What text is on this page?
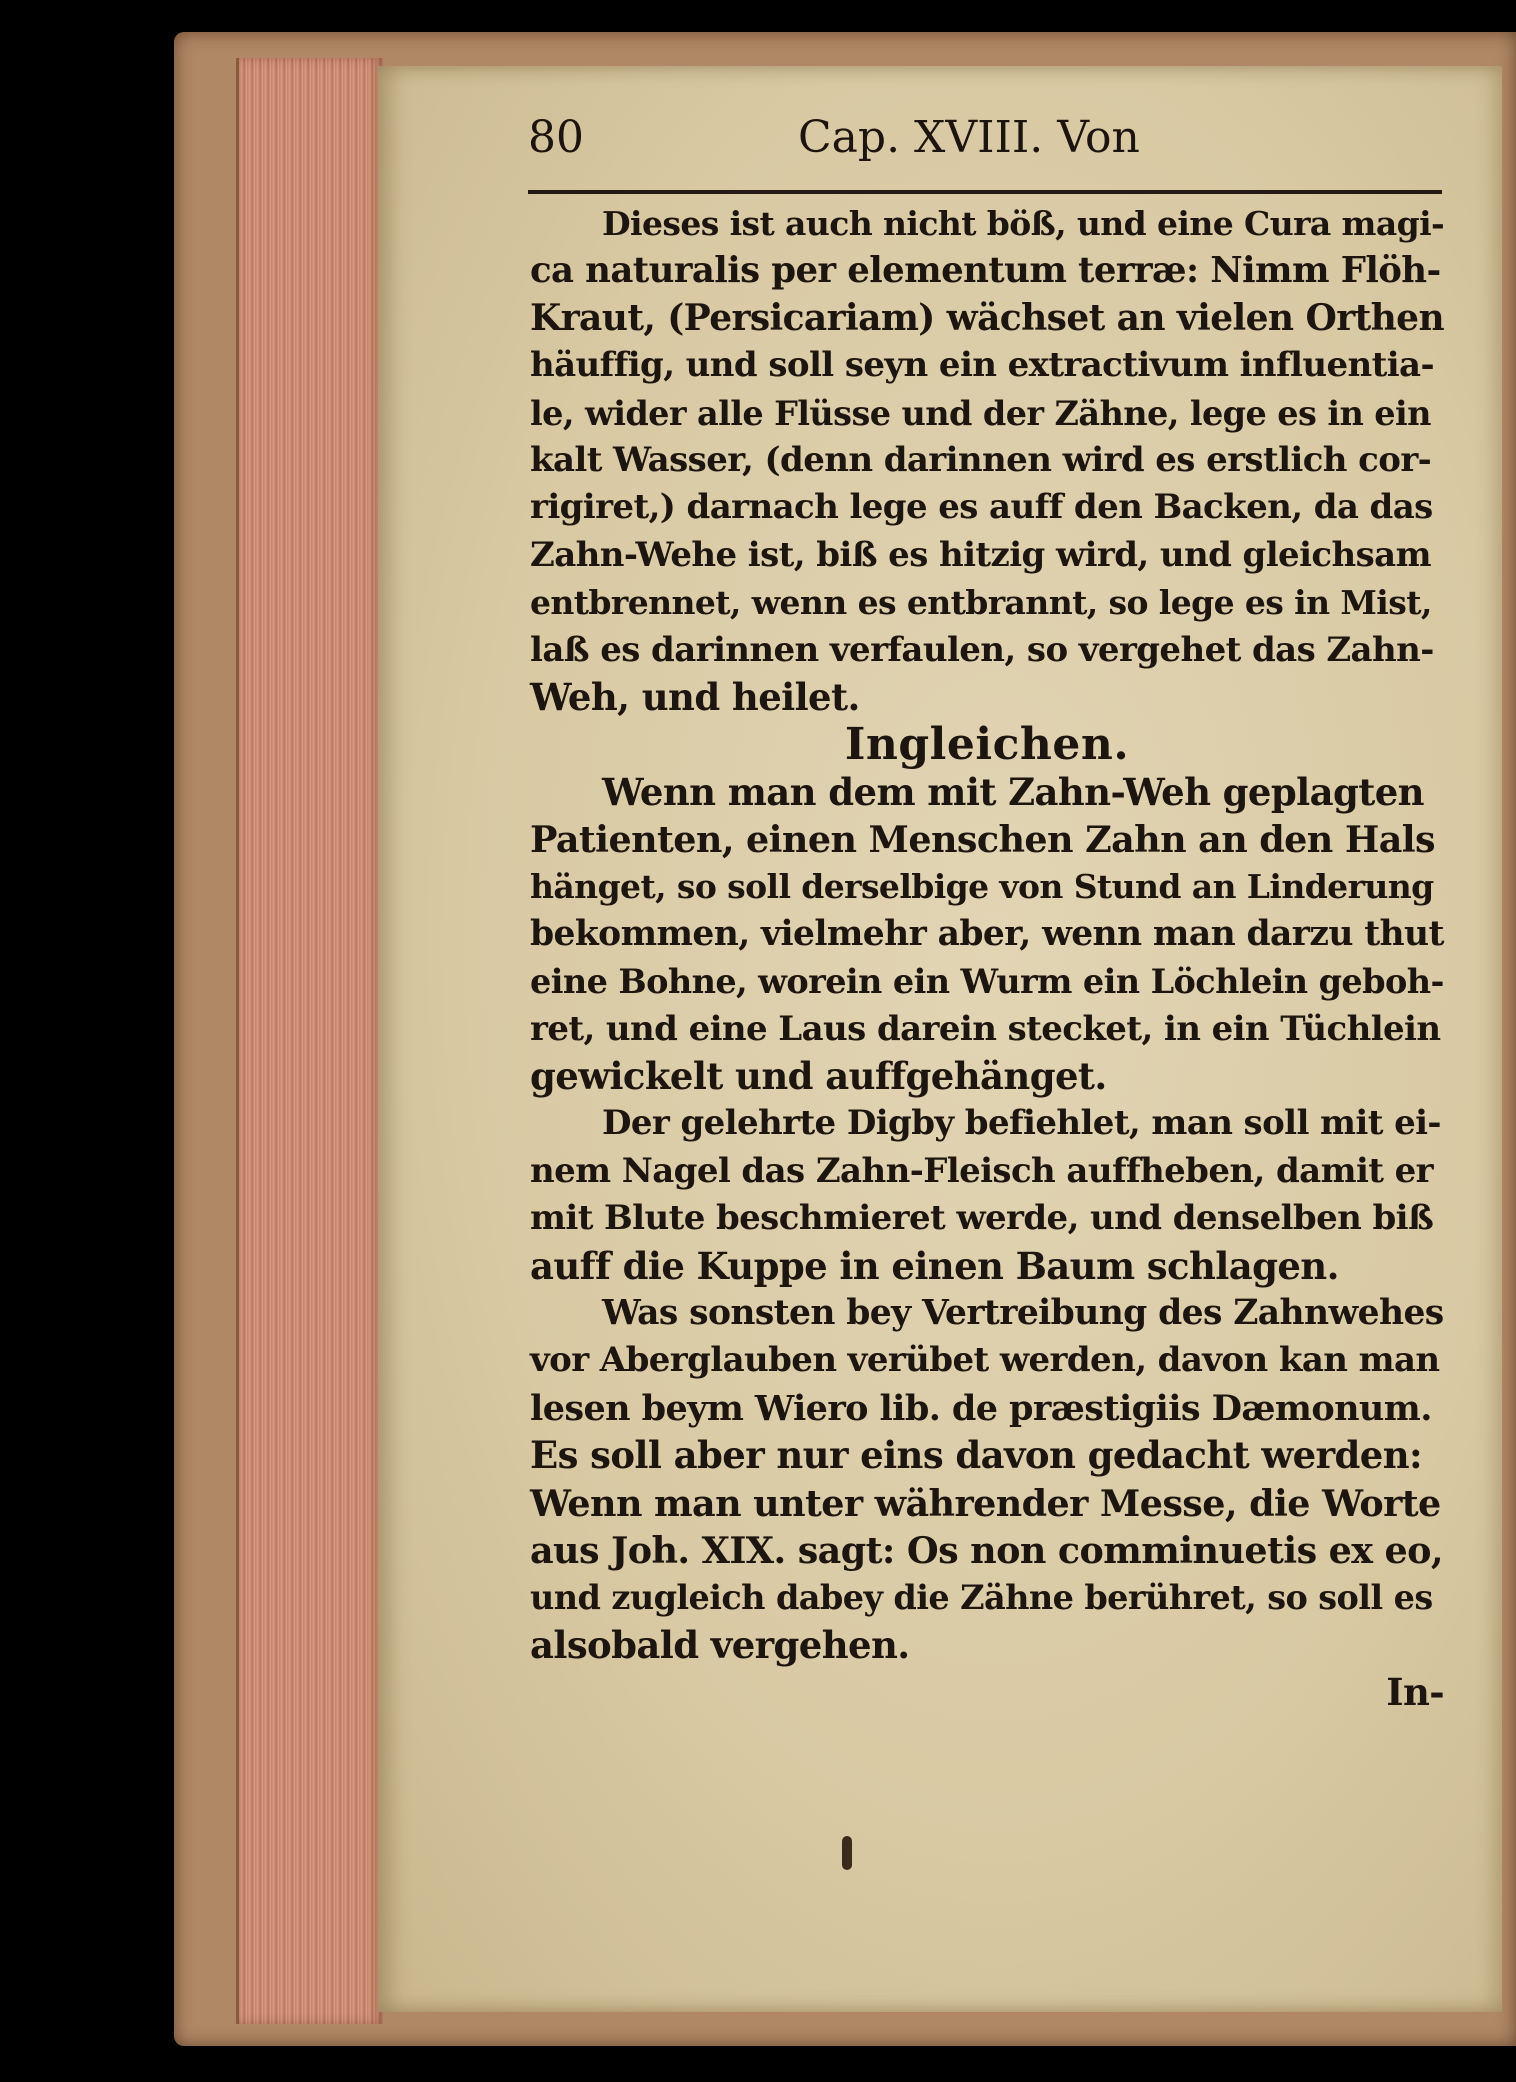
80	Cap. XVIII. Von
Dieses ist auch nicht böß, und eine Cura magi-
ca naturalis per elementum terræ: Nimm Flöh-
Kraut, (Persicariam) wächset an vielen Orthen
häuffig, und soll seyn ein extractivum influentia-
le, wider alle Flüsse und der Zähne, lege es in ein
kalt Wasser, (denn darinnen wird es erstlich cor-
rigiret,) darnach lege es auff den Backen, da das
Zahn-Wehe ist, biß es hitzig wird, und gleichsam
entbrennet, wenn es entbrannt, so lege es in Mist,
laß es darinnen verfaulen, so vergehet das Zahn-
Weh, und heilet.
Ingleichen.
Wenn man dem mit Zahn-Weh geplagten
Patienten, einen Menschen Zahn an den Hals
hänget, so soll derselbige von Stund an Linderung
bekommen, vielmehr aber, wenn man darzu thut
eine Bohne, worein ein Wurm ein Löchlein geboh-
ret, und eine Laus darein stecket, in ein Tüchlein
gewickelt und auffgehänget.
Der gelehrte Digby befiehlet, man soll mit ei-
nem Nagel das Zahn-Fleisch auffheben, damit er
mit Blute beschmieret werde, und denselben biß
auff die Kuppe in einen Baum schlagen.
Was sonsten bey Vertreibung des Zahnwehes
vor Aberglauben verübet werden, davon kan man
lesen beym Wiero lib. de præstigiis Dæmonum.
Es soll aber nur eins davon gedacht werden:
Wenn man unter währender Messe, die Worte
aus Joh. XIX. sagt: Os non comminuetis ex eo,
und zugleich dabey die Zähne berühret, so soll es
alsobald vergehen.
In-
